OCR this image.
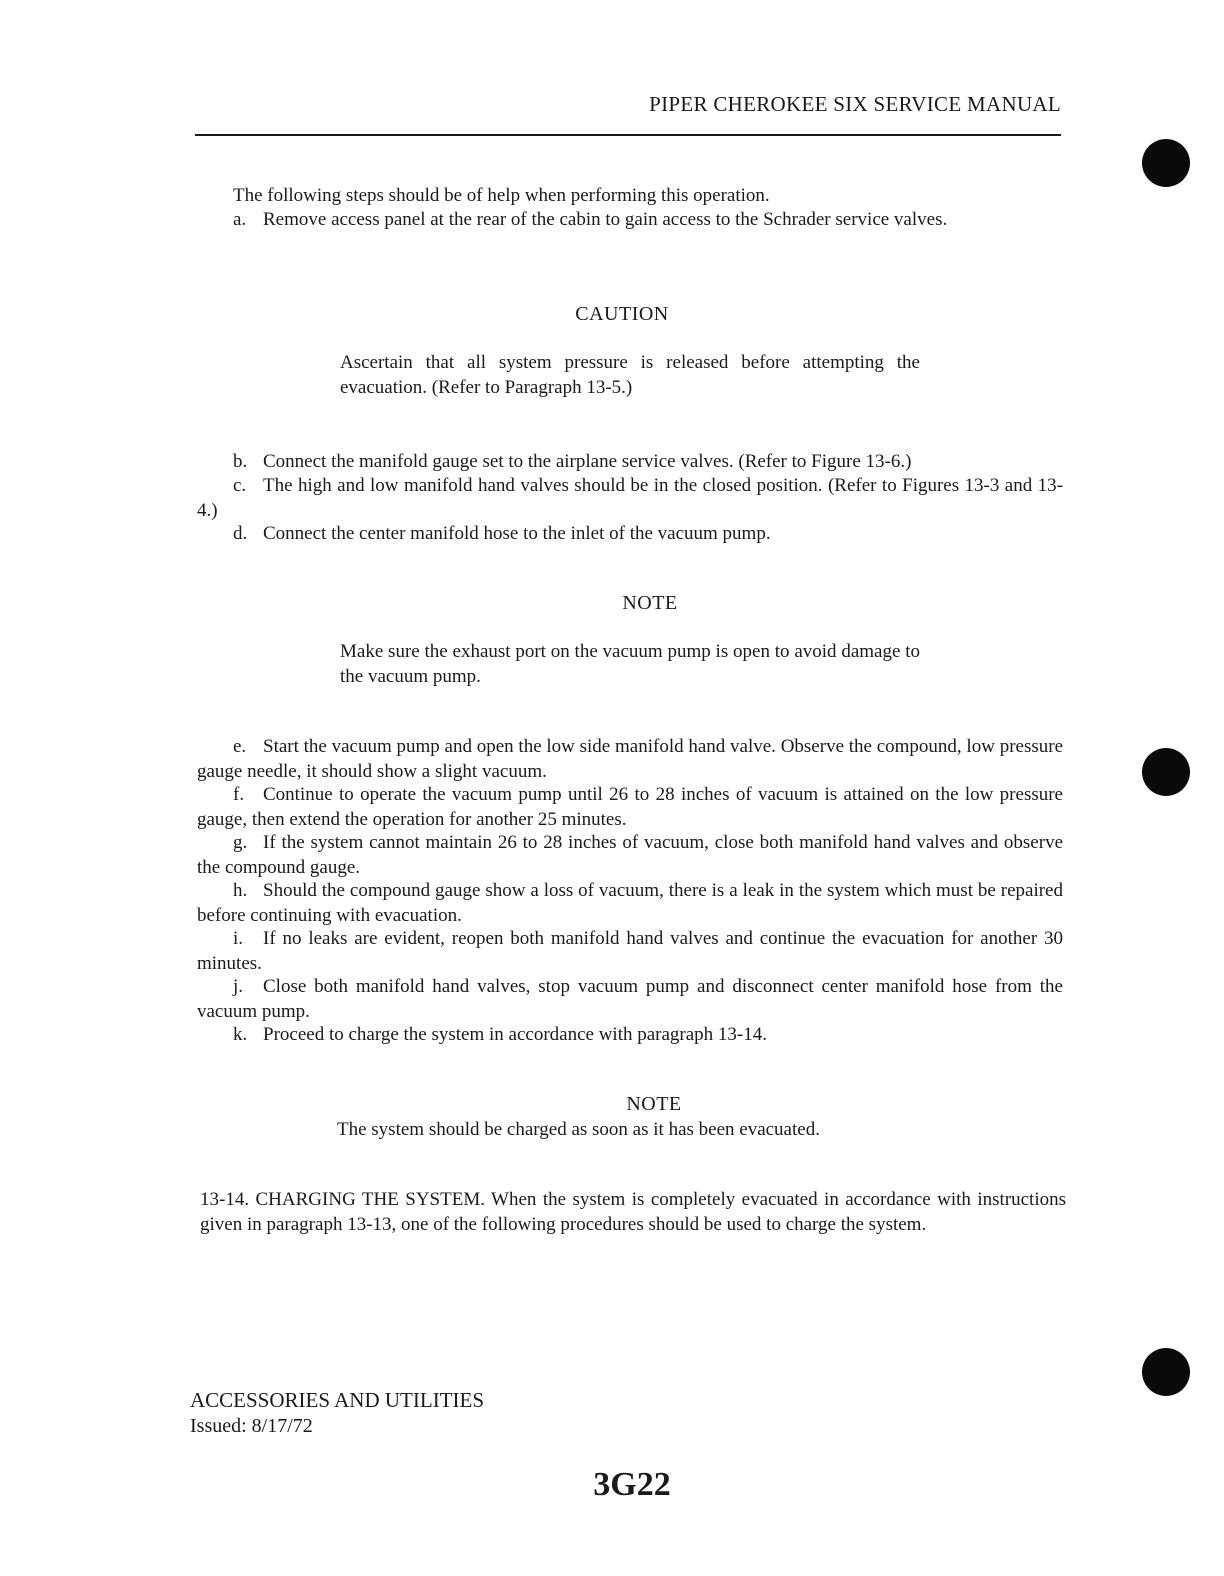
PIPER CHEROKEE SIX SERVICE MANUAL

The following steps should be of help when performing this operation.

a. Remove access panel at the rear of the cabin to gain access to the Schrader service valves.

CAUTION

Ascertain that all system pressure is released before attempting the evacuation. (Refer to Paragraph 13-5.)

b. Connect the manifold gauge set to the airplane service valves. (Refer to Figure 13-6.)

c. The high and low manifold hand valves should be in the closed position. (Refer to Figures 13-3 and 13-4.)

d. Connect the center manifold hose to the inlet of the vacuum pump.

NOTE

Make sure the exhaust port on the vacuum pump is open to avoid damage to the vacuum pump.

e. Start the vacuum pump and open the low side manifold hand valve. Observe the compound, low pressure gauge needle, it should show a slight vacuum.

f. Continue to operate the vacuum pump until 26 to 28 inches of vacuum is attained on the low pressure gauge, then extend the operation for another 25 minutes.

g. If the system cannot maintain 26 to 28 inches of vacuum, close both manifold hand valves and observe the compound gauge.

h. Should the compound gauge show a loss of vacuum, there is a leak in the system which must be repaired before continuing with evacuation.

i. If no leaks are evident, reopen both manifold hand valves and continue the evacuation for another 30 minutes.

j. Close both manifold hand valves, stop vacuum pump and disconnect center manifold hose from the vacuum pump.

k. Proceed to charge the system in accordance with paragraph 13-14.

NOTE

The system should be charged as soon as it has been evacuated.

13-14. CHARGING THE SYSTEM. When the system is completely evacuated in accordance with instructions given in paragraph 13-13, one of the following procedures should be used to charge the system.

ACCESSORIES AND UTILITIES
Issued: 8/17/72
3G22
